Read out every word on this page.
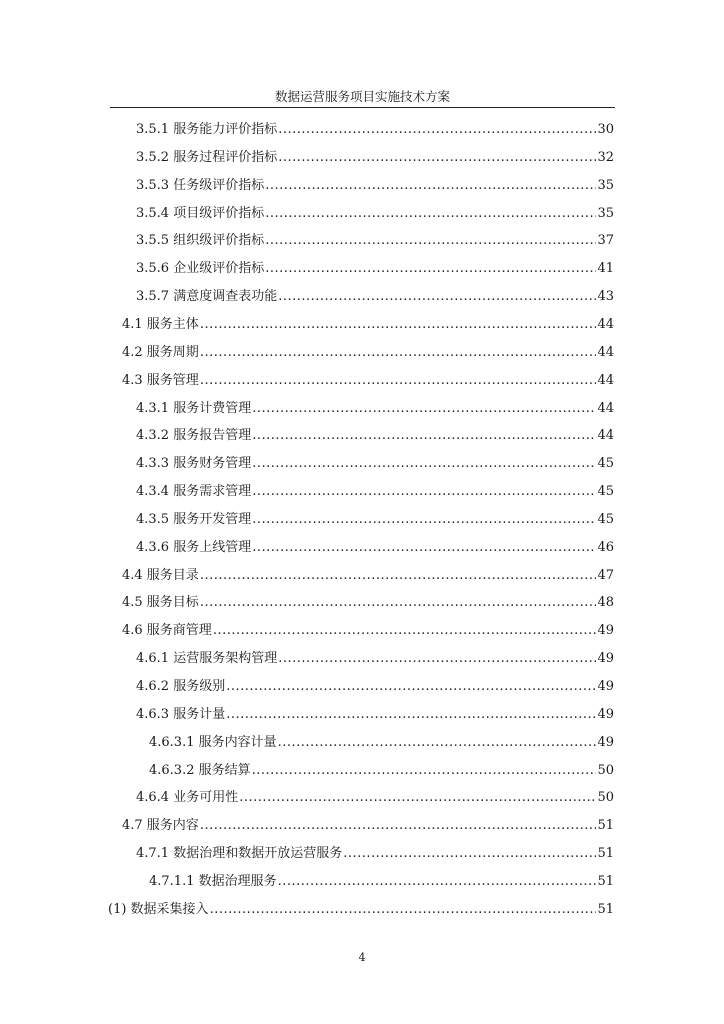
数据运营服务项目实施技术方案
3.5.1 服务能力评价指标 .....	30
3.5.2 服务过程评价指标 .....	32
3.5.3 任务级评价指标 .....	35
3.5.4 项目级评价指标 .....	35
3.5.5 组织级评价指标 .....	37
3.5.6 企业级评价指标 .....	41
3.5.7 满意度调查表功能 .....	43
4.1 服务主体 .....	44
4.2 服务周期 .....	44
4.3 服务管理 .....	44
4.3.1 服务计费管理 .....	44
4.3.2 服务报告管理 .....	44
4.3.3 服务财务管理 .....	45
4.3.4 服务需求管理 .....	45
4.3.5 服务开发管理 .....	45
4.3.6 服务上线管理 .....	46
4.4 服务目录 .....	47
4.5 服务目标 .....	48
4.6 服务商管理 .....	49
4.6.1 运营服务架构管理 .....	49
4.6.2 服务级别 .....	49
4.6.3 服务计量 .....	49
4.6.3.1 服务内容计量 .....	49
4.6.3.2 服务结算 .....	50
4.6.4 业务可用性 .....	50
4.7 服务内容 .....	51
4.7.1 数据治理和数据开放运营服务 .....	51
4.7.1.1 数据治理服务 .....	51
(1) 数据采集接入 .....	51
4
